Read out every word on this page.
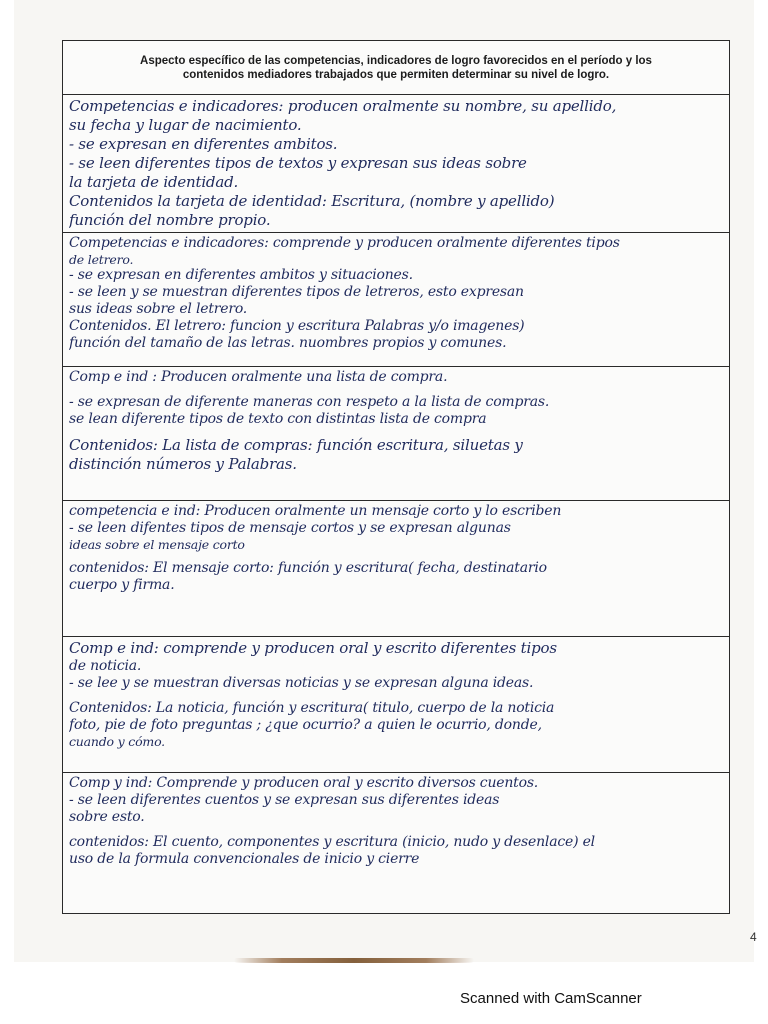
Aspecto específico de las competencias, indicadores de logro favorecidos en el período y los
contenidos mediadores trabajados que permiten determinar su nivel de logro.
Competencias e indicadores: producen oralmente su nombre, su apellido,
su fecha y lugar de nacimiento.
- se expresan en diferentes ambitos.
- se leen diferentes tipos de textos y expresan sus ideas sobre
la tarjeta de identidad.
Contenidos la tarjeta de identidad: Escritura, (nombre y apellido)
función del nombre propio.
Competencias e indicadores: comprende y producen oralmente diferentes tipos
de letrero.
- se expresan en diferentes ambitos y situaciones.
- se leen y se muestran diferentes tipos de letreros, esto expresan
sus ideas sobre el letrero.
Contenidos. El letrero: funcion y escritura Palabras y/o imagenes)
función del tamaño de las letras. nuombres propios y comunes.
Comp e ind : Producen oralmente una lista de compra.
- se expresan de diferente maneras con respeto a la lista de compras.
se lean diferente tipos de texto con distintas lista de compra
Contenidos: La lista de compras: función escritura, siluetas y
distinción números y Palabras.
competencia e ind: Producen oralmente un mensaje corto y lo escriben
- se leen difentes tipos de mensaje cortos y se expresan algunas
ideas sobre el mensaje corto
contenidos: El mensaje corto: función y escritura( fecha, destinatario
cuerpo y firma.
Comp e ind: comprende y producen oral y escrito diferentes tipos
de noticia.
- se lee y se muestran diversas noticias y se expresan alguna ideas.
Contenidos: La noticia, función y escritura( titulo, cuerpo de la noticia
foto, pie de foto preguntas ; ¿que ocurrio? a quien le ocurrio, donde,
cuando y cómo.
Comp y ind: Comprende y producen oral y escrito diversos cuentos.
- se leen diferentes cuentos y se expresan sus diferentes ideas
sobre esto.
contenidos: El cuento, componentes y escritura (inicio, nudo y desenlace) el
uso de la formula convencionales de inicio y cierre
4
Scanned with CamScanner
